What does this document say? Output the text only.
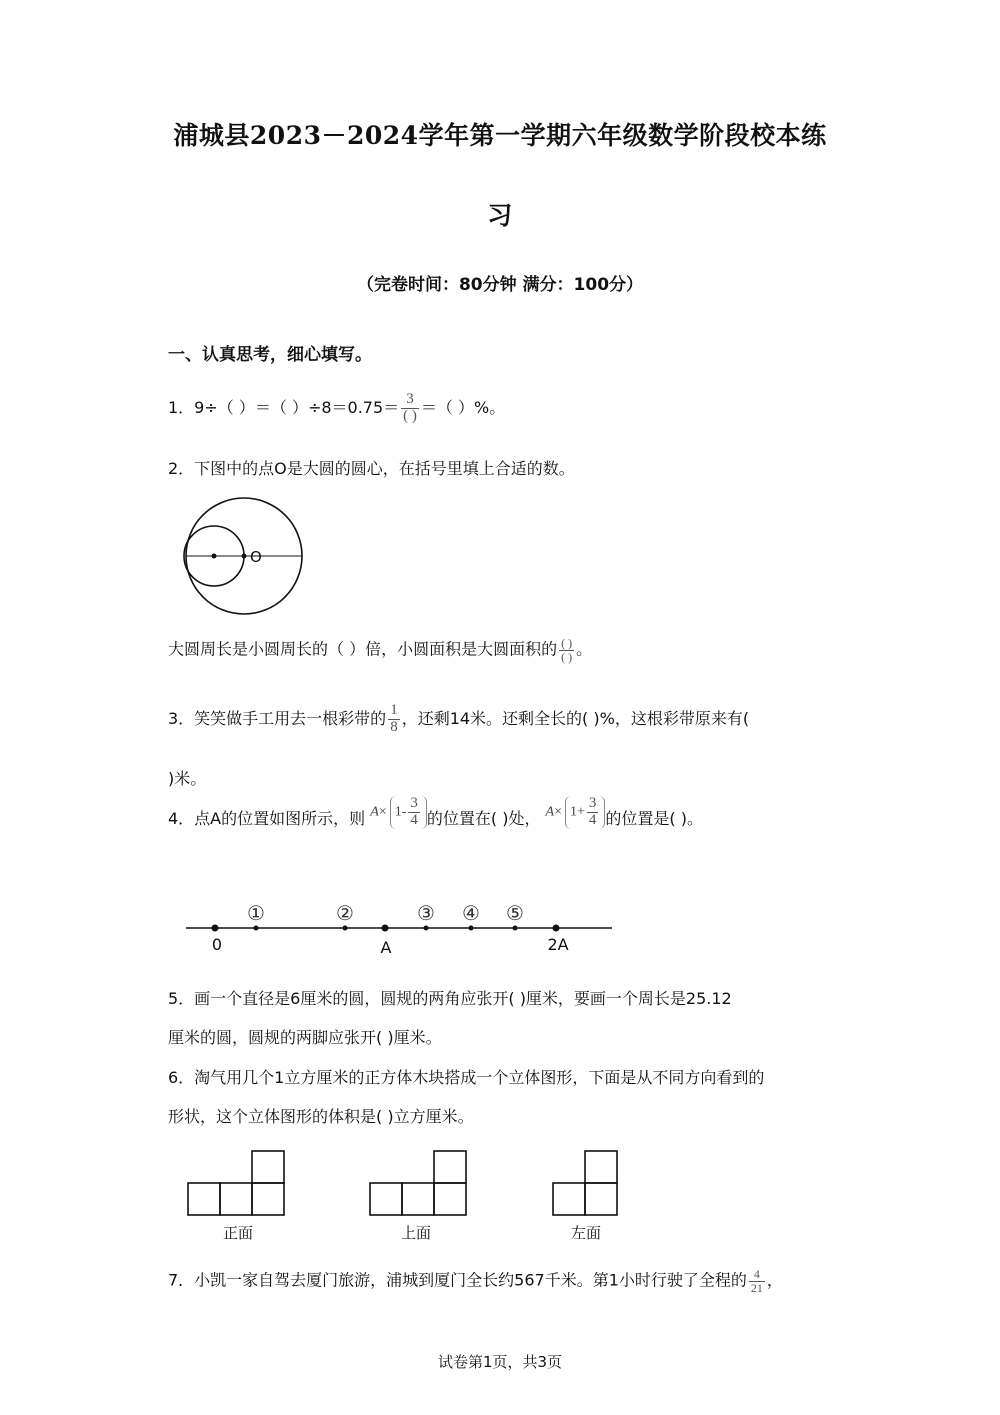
浦城县2023－2024学年第一学期六年级数学阶段校本练
习
（完卷时间：80分钟 满分：100分）
一、认真思考，细心填写。
1．9÷（ ）＝（ ）$\div 8=0.75= \frac{3}{( )}$ ＝（ ）%。
2．下图中的点O是大圆的圆心，在括号里填上合适的数。
O
大圆周长是小圆周长的（ ）倍，小圆面积是大圆面积的 $\frac{( )}{( )}$ 。
3．笑笑做手工用去一根彩带的 $\frac{1}{8}$ ，还剩14米。还剩全长的( )%，这根彩带原来有(
)米。
4．点A的位置如图所示，则 $A\times 1- \frac{3}{4}$ 的位置在( )处， $A\times 1+ \frac{3}{4}$ 的位置是( )。
①	②	③ ④ ⑤
0	A	2A
5．画一个直径是6厘米的圆，圆规的两角应张开( )厘米，要画一个周长是25.12
厘米的圆，圆规的两脚应张开( )厘米。
6．淘气用几个1立方厘米的正方体木块搭成一个立体图形，下面是从不同方向看到的
形状，这个立体图形的体积是( )立方厘米。
正面	上面	左面
7．小凯一家自驾去厦门旅游，浦城到厦门全长约567千米。第1小时行驶了全程的 $\frac{4}{21}$ ，
试卷第1页，共3页
